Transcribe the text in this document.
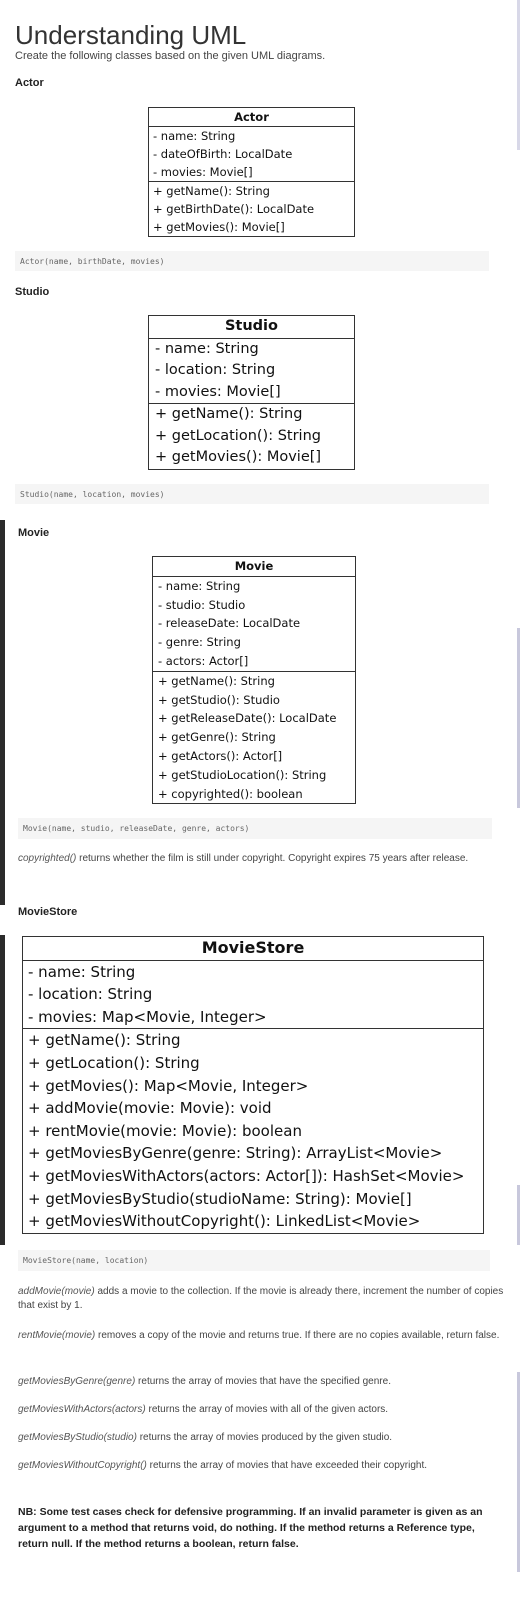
Understanding UML
Create the following classes based on the given UML diagrams.
Actor
Actor
- name: String
- dateOfBirth: LocalDate
- movies: Movie[]
+ getName(): String
+ getBirthDate(): LocalDate
+ getMovies(): Movie[]
Actor(name, birthDate, movies)
Studio
Studio
- name: String
- location: String
- movies: Movie[]
+ getName(): String
+ getLocation(): String
+ getMovies(): Movie[]
Studio(name, location, movies)
Movie
Movie
- name: String
- studio: Studio
- releaseDate: LocalDate
- genre: String
- actors: Actor[]
+ getName(): String
+ getStudio(): Studio
+ getReleaseDate(): LocalDate
+ getGenre(): String
+ getActors(): Actor[]
+ getStudioLocation(): String
+ copyrighted(): boolean
Movie(name, studio, releaseDate, genre, actors)
copyrighted() returns whether the film is still under copyright. Copyright expires 75 years after release.
MovieStore
MovieStore
- name: String
- location: String
- movies: Map<Movie, Integer>
+ getName(): String
+ getLocation(): String
+ getMovies(): Map<Movie, Integer>
+ addMovie(movie: Movie): void
+ rentMovie(movie: Movie): boolean
+ getMoviesByGenre(genre: String): ArrayList<Movie>
+ getMoviesWithActors(actors: Actor[]): HashSet<Movie>
+ getMoviesByStudio(studioName: String): Movie[]
+ getMoviesWithoutCopyright(): LinkedList<Movie>
MovieStore(name, location)
addMovie(movie) adds a movie to the collection. If the movie is already there, increment the number of copies that exist by 1.
rentMovie(movie) removes a copy of the movie and returns true. If there are no copies available, return false.
getMoviesByGenre(genre) returns the array of movies that have the specified genre.
getMoviesWithActors(actors) returns the array of movies with all of the given actors.
getMoviesByStudio(studio) returns the array of movies produced by the given studio.
getMoviesWithoutCopyright() returns the array of movies that have exceeded their copyright.
NB: Some test cases check for defensive programming. If an invalid parameter is given as an argument to a method that returns void, do nothing. If the method returns a Reference type, return null. If the method returns a boolean, return false.
